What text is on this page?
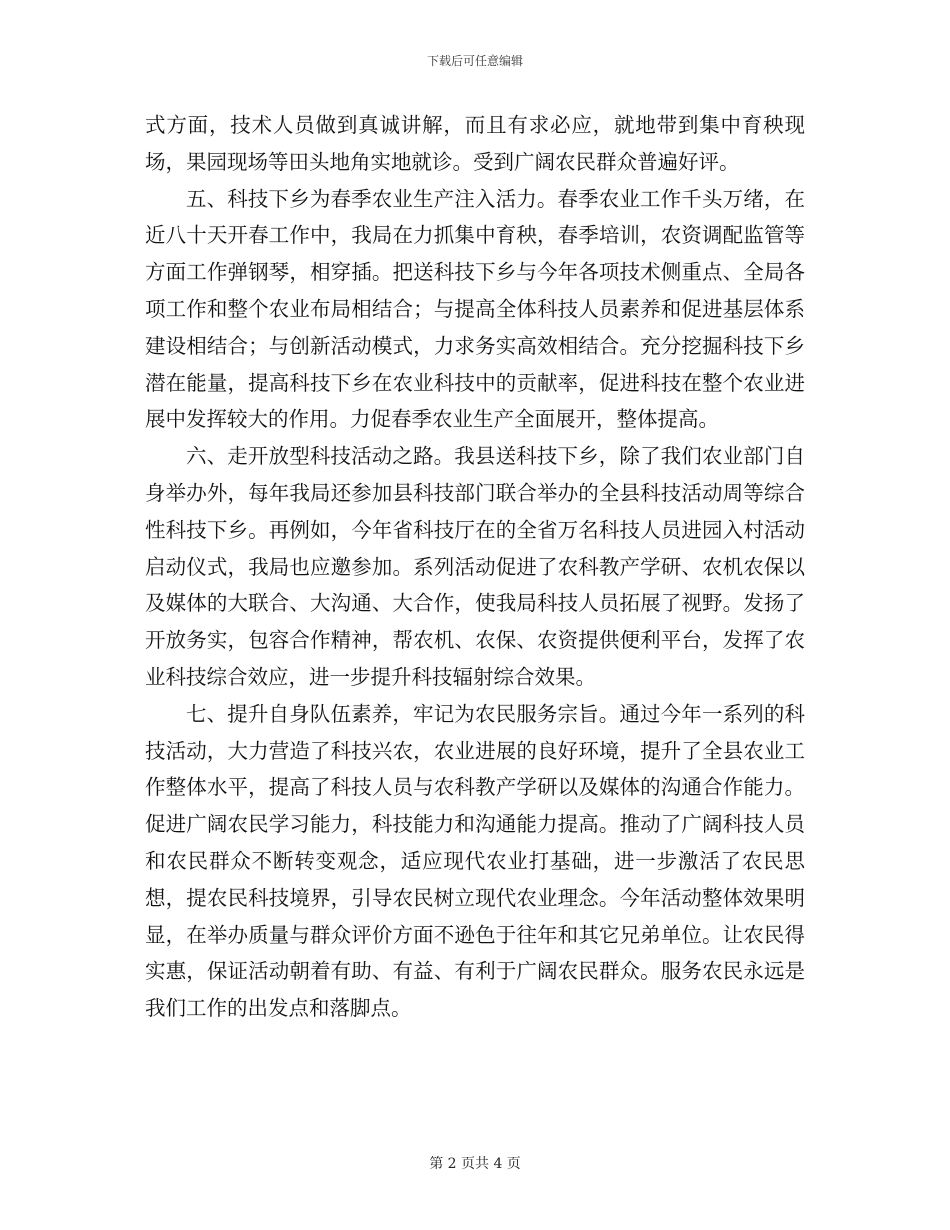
下载后可任意编辑

式方面，技术人员做到真诚讲解，而且有求必应，就地带到集中育秧现场，果园现场等田头地角实地就诊。受到广阔农民群众普遍好评。

五、科技下乡为春季农业生产注入活力。春季农业工作千头万绪，在近八十天开春工作中，我局在力抓集中育秧，春季培训，农资调配监管等方面工作弹钢琴，相穿插。把送科技下乡与今年各项技术侧重点、全局各项工作和整个农业布局相结合；与提高全体科技人员素养和促进基层体系建设相结合；与创新活动模式，力求务实高效相结合。充分挖掘科技下乡潜在能量，提高科技下乡在农业科技中的贡献率，促进科技在整个农业进展中发挥较大的作用。力促春季农业生产全面展开，整体提高。

六、走开放型科技活动之路。我县送科技下乡，除了我们农业部门自身举办外，每年我局还参加县科技部门联合举办的全县科技活动周等综合性科技下乡。再例如，今年省科技厅在的全省万名科技人员进园入村活动启动仪式，我局也应邀参加。系列活动促进了农科教产学研、农机农保以及媒体的大联合、大沟通、大合作，使我局科技人员拓展了视野。发扬了开放务实，包容合作精神，帮农机、农保、农资提供便利平台，发挥了农业科技综合效应，进一步提升科技辐射综合效果。

七、提升自身队伍素养，牢记为农民服务宗旨。通过今年一系列的科技活动，大力营造了科技兴农，农业进展的良好环境，提升了全县农业工作整体水平，提高了科技人员与农科教产学研以及媒体的沟通合作能力。促进广阔农民学习能力，科技能力和沟通能力提高。推动了广阔科技人员和农民群众不断转变观念，适应现代农业打基础，进一步激活了农民思想，提农民科技境界，引导农民树立现代农业理念。今年活动整体效果明显，在举办质量与群众评价方面不逊色于往年和其它兄弟单位。让农民得实惠，保证活动朝着有助、有益、有利于广阔农民群众。服务农民永远是我们工作的出发点和落脚点。

第 2 页共 4 页
